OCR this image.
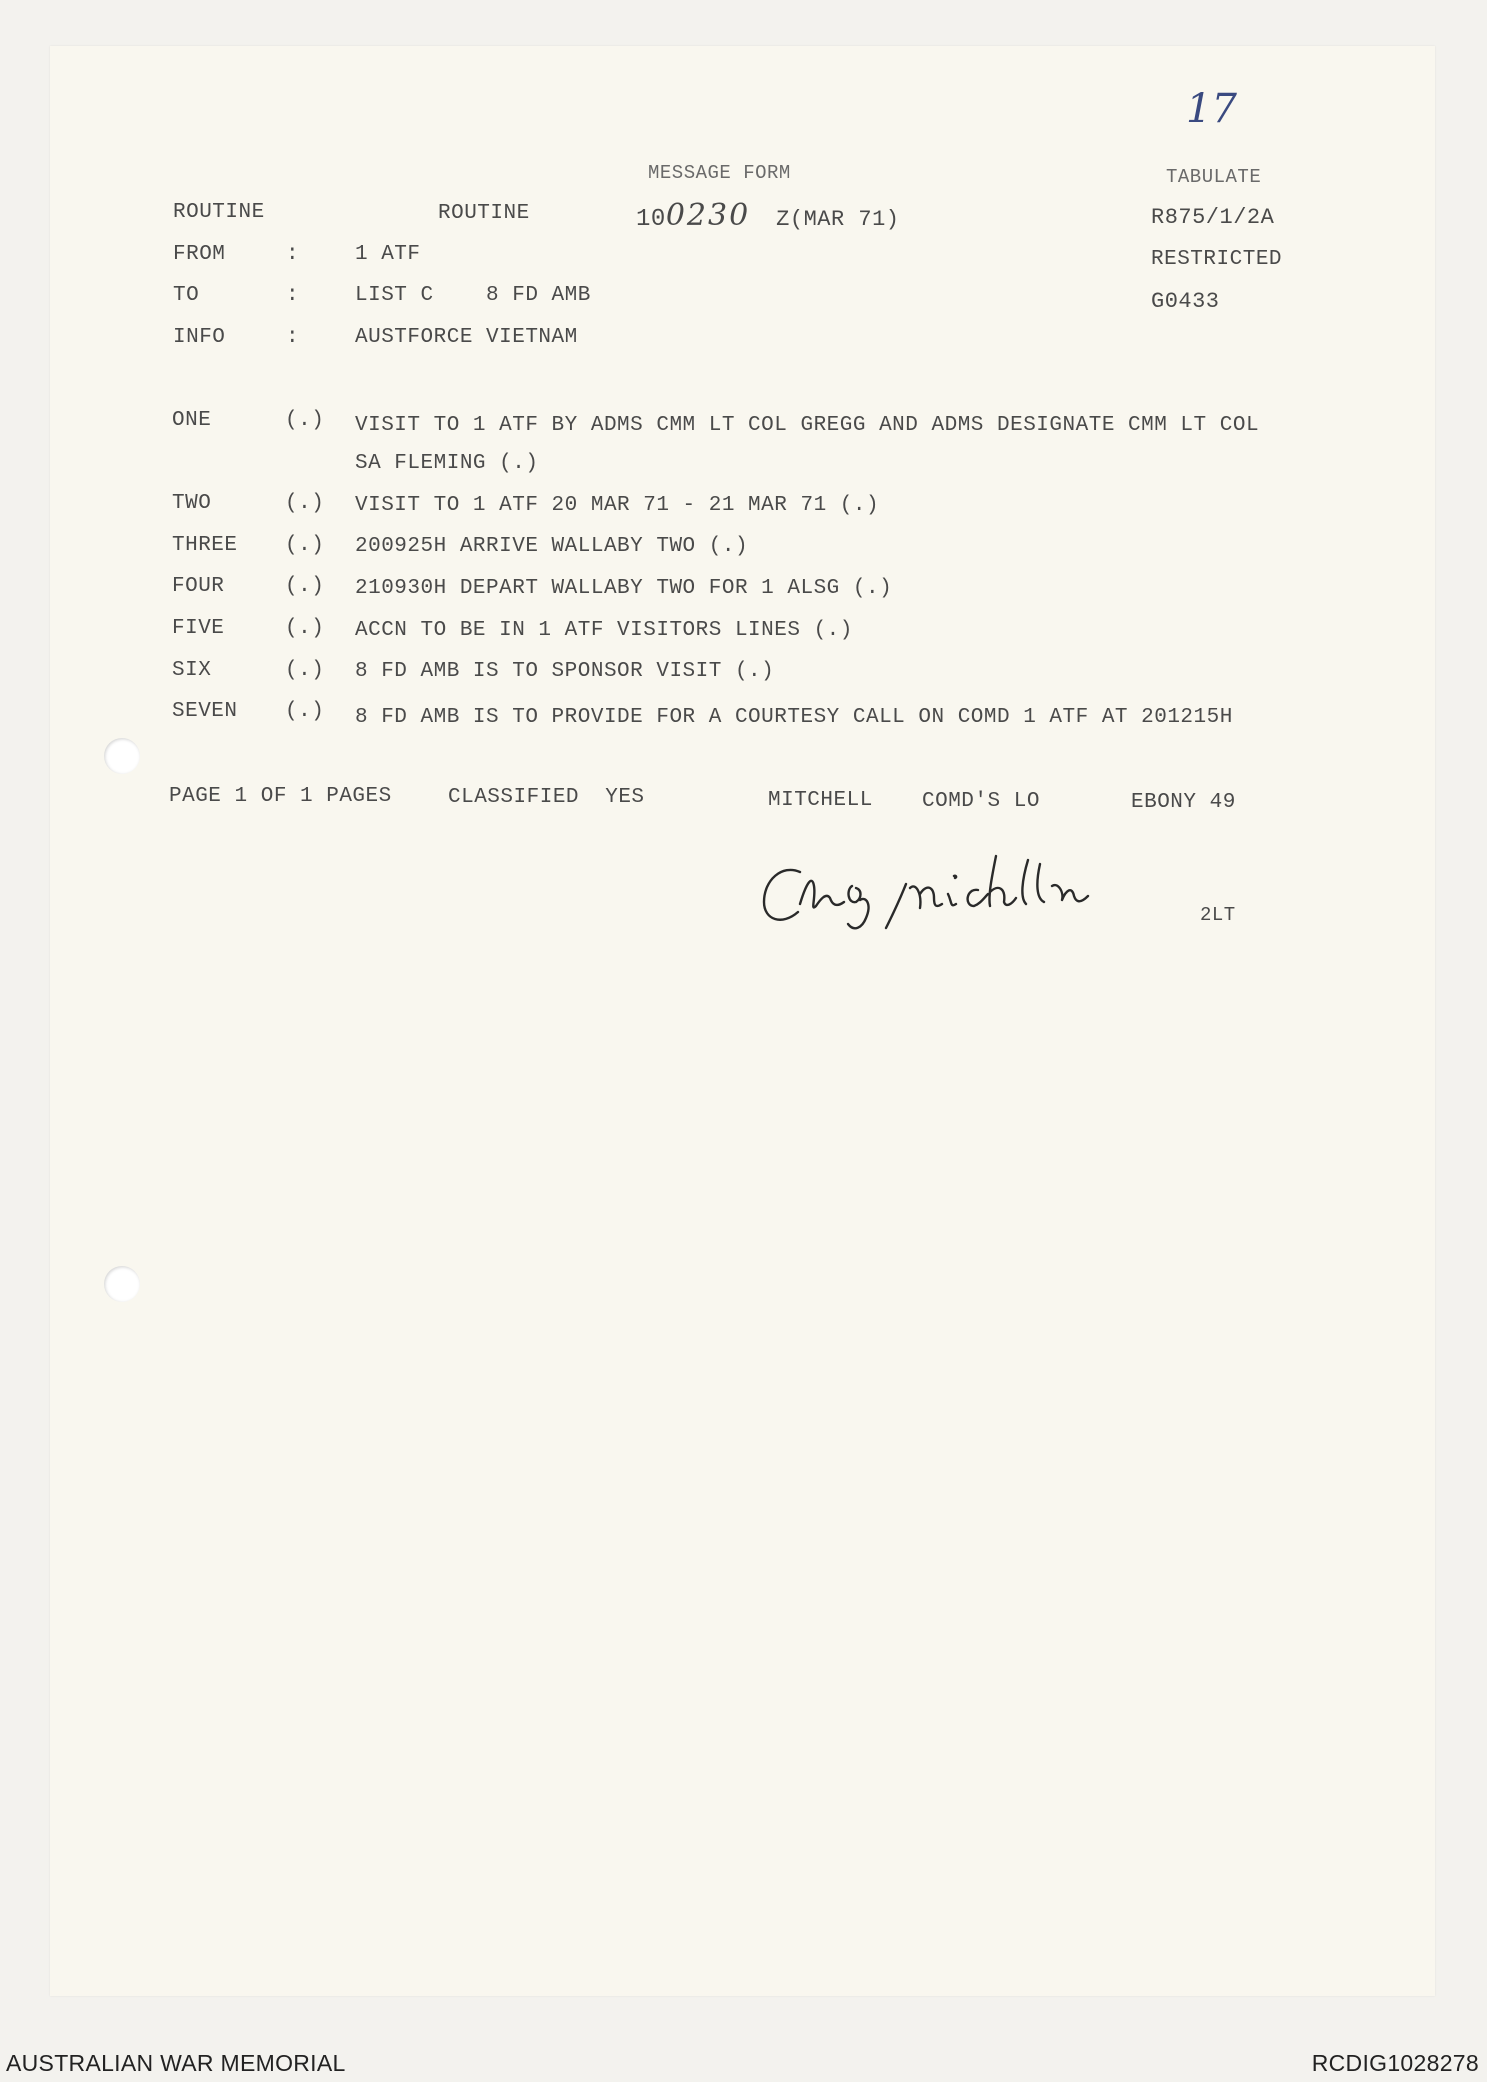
17
MESSAGE FORM	TABULATE
ROUTINE	ROUTINE	100230 Z(MAR 71)	R875/1/2A
RESTRICTED
G0433
FROM	:	1 ATF
TO	:	LIST C    8 FD AMB
INFO	:	AUSTFORCE VIETNAM
ONE	(.) VISIT TO 1 ATF BY ADMS CMM LT COL GREGG AND ADMS DESIGNATE CMM LT COL
SA FLEMING (.)
TWO	(.) VISIT TO 1 ATF 20 MAR 71 - 21 MAR 71 (.)
THREE (.) 200925H ARRIVE WALLABY TWO (.)
FOUR	(.) 210930H DEPART WALLABY TWO FOR 1 ALSG (.)
FIVE	(.) ACCN TO BE IN 1 ATF VISITORS LINES (.)
SIX	(.) 8 FD AMB IS TO SPONSOR VISIT (.)
SEVEN (.) 8 FD AMB IS TO PROVIDE FOR A COURTESY CALL ON COMD 1 ATF AT 201215H
PAGE 1 OF 1 PAGES	CLASSIFIED  YES	MITCHELL COMD'S LO	EBONY 49
2LT
AUSTRALIAN WAR MEMORIAL	RCDIG1028278
